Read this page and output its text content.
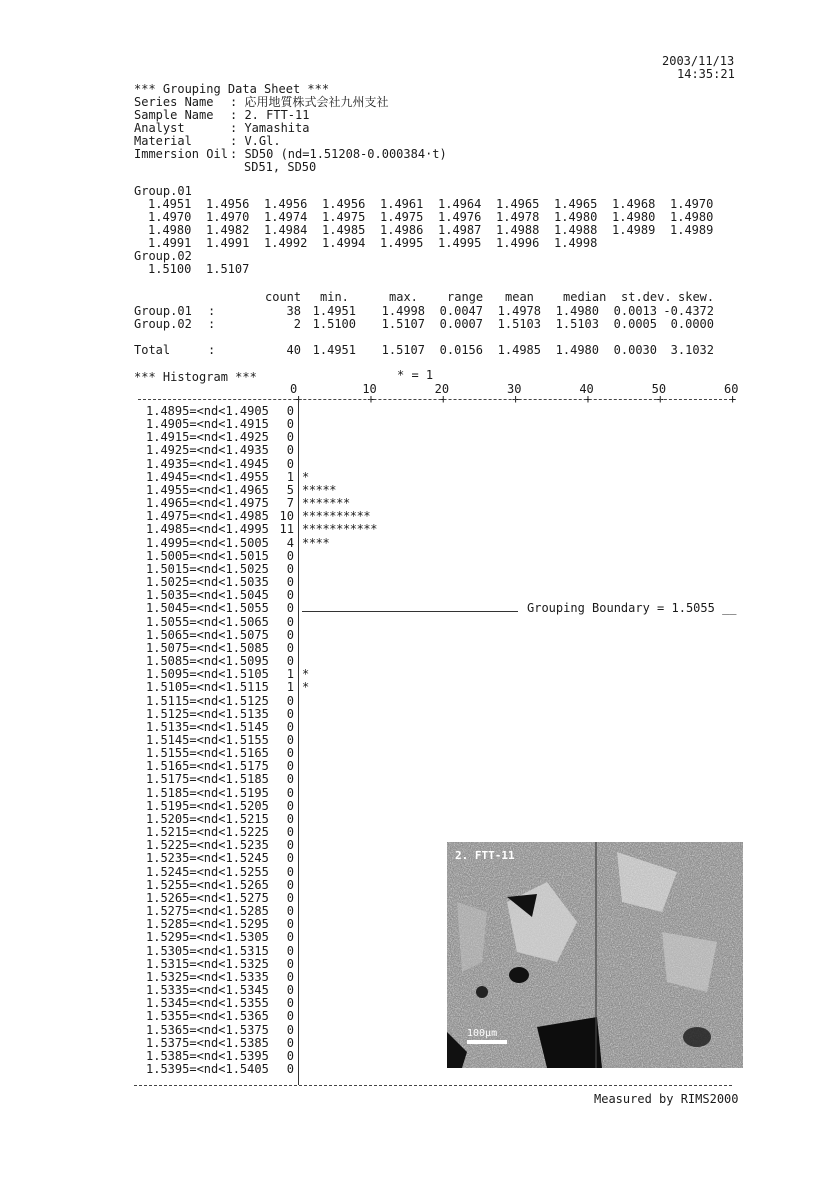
2003/11/13
14:35:21
*** Grouping Data Sheet ***
Series Name : 応用地質株式会社九州支社
Sample Name : 2. FTT-11
Analyst	: Yamashita
Material	: V.Gl.
Immersion Oil : SD50 (nd=1.51208-0.000384·t)
SD51, SD50
Group.01
1.4951 1.4956 1.4956 1.4956 1.4961 1.4964 1.4965 1.4965 1.4968 1.4970
1.4970 1.4970 1.4974 1.4975 1.4975 1.4976 1.4978 1.4980 1.4980 1.4980
1.4980 1.4982 1.4984 1.4985 1.4986 1.4987 1.4988 1.4988 1.4989 1.4989
1.4991 1.4991 1.4992 1.4994 1.4995 1.4995 1.4996 1.4998
Group.02
1.5100 1.5107
count min.	max. range mean median st.dev. skew.
Group.01 :	38 1.4951	1.4998	0.0047	1.4978	1.4980	0.0013 -0.4372
Group.02 :	2 1.5100	1.5107	0.0007	1.5103	1.5103	0.0005	0.0000
Total	:	40 1.4951	1.5107	0.0156	1.4985	1.4980	0.0030	3.1032
*** Histogram ***	* = 1
0
+
10
+
20
+
30
+
40
+
50
+
60
+
1.4895=<nd<1.4905	0
1.4905=<nd<1.4915	0
1.4915=<nd<1.4925	0
1.4925=<nd<1.4935	0
1.4935=<nd<1.4945	0
1.4945=<nd<1.4955	1 *
1.4955=<nd<1.4965	5 *****
1.4965=<nd<1.4975	7 *******
1.4975=<nd<1.4985 10 **********
1.4985=<nd<1.4995 11 ***********
1.4995=<nd<1.5005	4 ****
1.5005=<nd<1.5015	0
1.5015=<nd<1.5025	0
1.5025=<nd<1.5035	0
1.5035=<nd<1.5045	0
1.5045=<nd<1.5055	0	Grouping Boundary = 1.5055 __
1.5055=<nd<1.5065	0
1.5065=<nd<1.5075	0
1.5075=<nd<1.5085	0
1.5085=<nd<1.5095	0
1.5095=<nd<1.5105	1 *
1.5105=<nd<1.5115	1 *
1.5115=<nd<1.5125	0
1.5125=<nd<1.5135	0
1.5135=<nd<1.5145	0
1.5145=<nd<1.5155	0
1.5155=<nd<1.5165	0
1.5165=<nd<1.5175	0
1.5175=<nd<1.5185	0
1.5185=<nd<1.5195	0
1.5195=<nd<1.5205	0
1.5205=<nd<1.5215	0
1.5215=<nd<1.5225	0
1.5225=<nd<1.5235	0
1.5235=<nd<1.5245	0
1.5245=<nd<1.5255	0
1.5255=<nd<1.5265	0
1.5265=<nd<1.5275	0
1.5275=<nd<1.5285	0
1.5285=<nd<1.5295	0
1.5295=<nd<1.5305	0
1.5305=<nd<1.5315	0
1.5315=<nd<1.5325	0
1.5325=<nd<1.5335	0
1.5335=<nd<1.5345	0
1.5345=<nd<1.5355	0
1.5355=<nd<1.5365	0
1.5365=<nd<1.5375	0
1.5375=<nd<1.5385	0
1.5385=<nd<1.5395	0
1.5395=<nd<1.5405	0
2. FTT-11
100μm
Measured by RIMS2000
